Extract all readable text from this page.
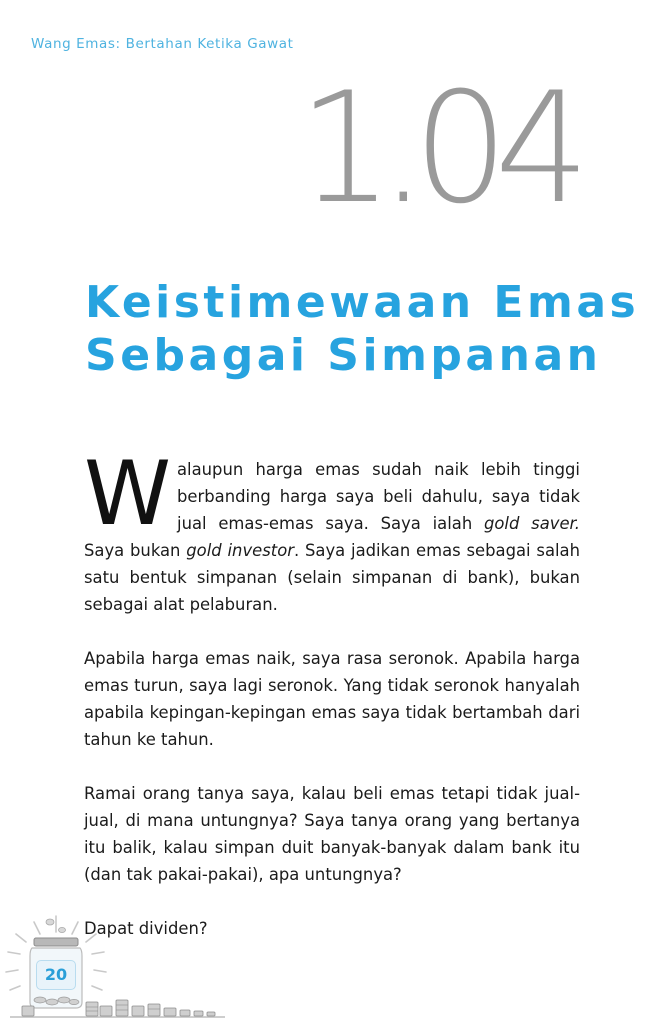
Wang Emas: Bertahan Ketika Gawat
1.04
Keistimewaan Emas
Sebagai Simpanan

Walaupun harga emas sudah naik lebih tinggi berbanding harga saya beli dahulu, saya tidak jual emas-emas saya. Saya ialah gold saver. Saya bukan gold investor. Saya jadikan emas sebagai salah satu bentuk simpanan (selain simpanan di bank), bukan sebagai alat pelaburan.

Apabila harga emas naik, saya rasa seronok. Apabila harga emas turun, saya lagi seronok. Yang tidak seronok hanyalah apabila kepingan-kepingan emas saya tidak bertambah dari tahun ke tahun.

Ramai orang tanya saya, kalau beli emas tetapi tidak jual-jual, di mana untungnya? Saya tanya orang yang bertanya itu balik, kalau simpan duit banyak-banyak dalam bank itu (dan tak pakai-pakai), apa untungnya?

Dapat dividen?

20
